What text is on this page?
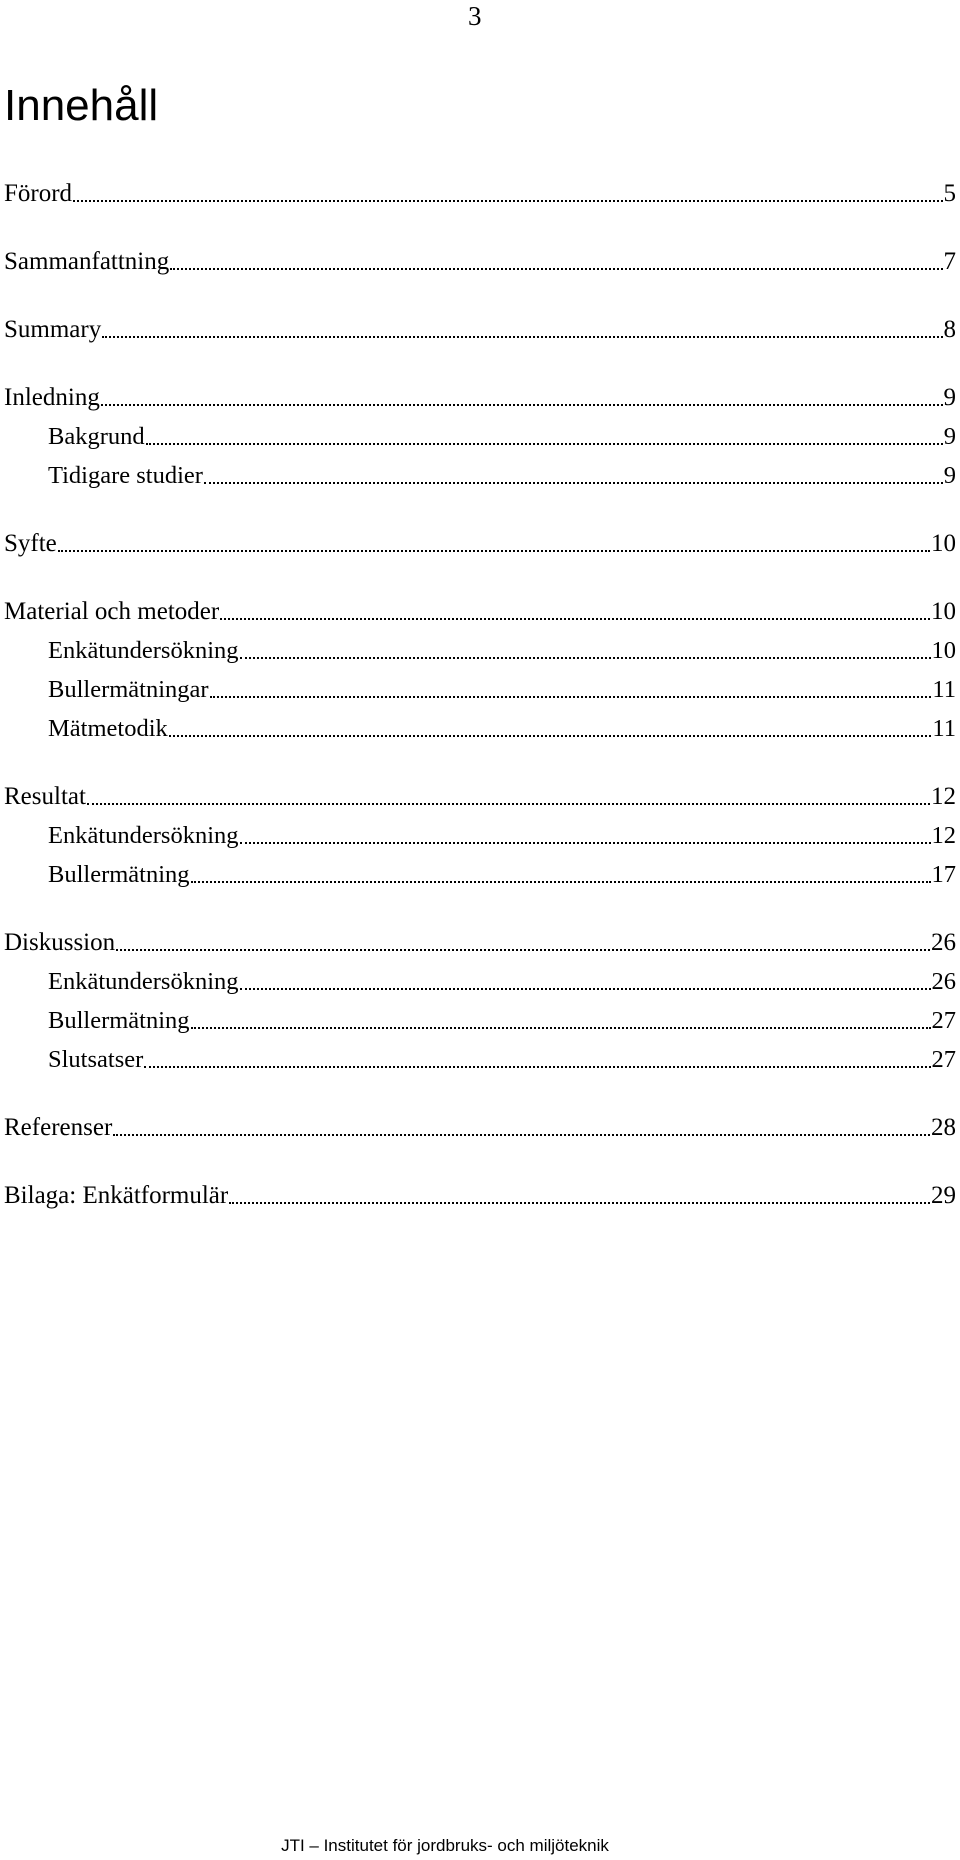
3
Innehåll
Förord	5
Sammanfattning	7
Summary	8
Inledning	9
Bakgrund	9
Tidigare studier	9
Syfte	10
Material och metoder	10
Enkätundersökning	10
Bullermätningar	11
Mätmetodik	11
Resultat	12
Enkätundersökning	12
Bullermätning	17
Diskussion	26
Enkätundersökning	26
Bullermätning	27
Slutsatser	27
Referenser	28
Bilaga: Enkätformulär	29
JTI – Institutet för jordbruks- och miljöteknik
